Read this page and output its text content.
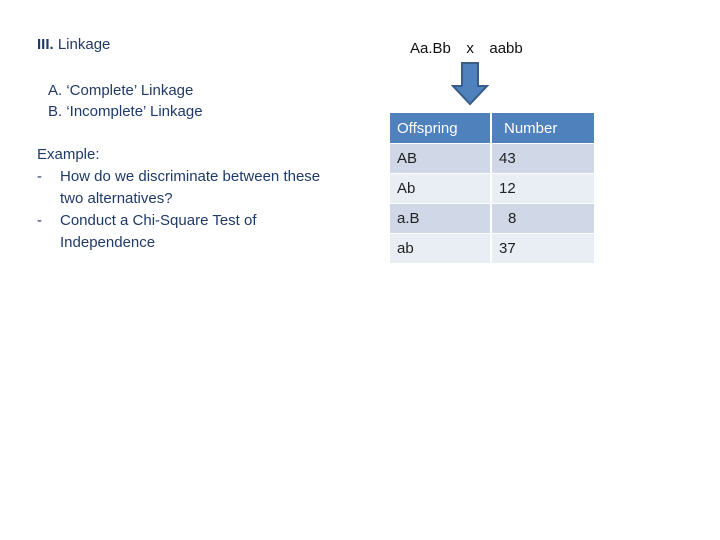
III. Linkage
A. ‘Complete’ Linkage
B. ‘Incomplete’ Linkage
Example:
-	How do we discriminate between these two alternatives?
-	Conduct a Chi-Square Test of Independence
Aa.Bb   x   aabb
Offspring	Number
AB	43
Ab	12
a.B	8
ab	37
